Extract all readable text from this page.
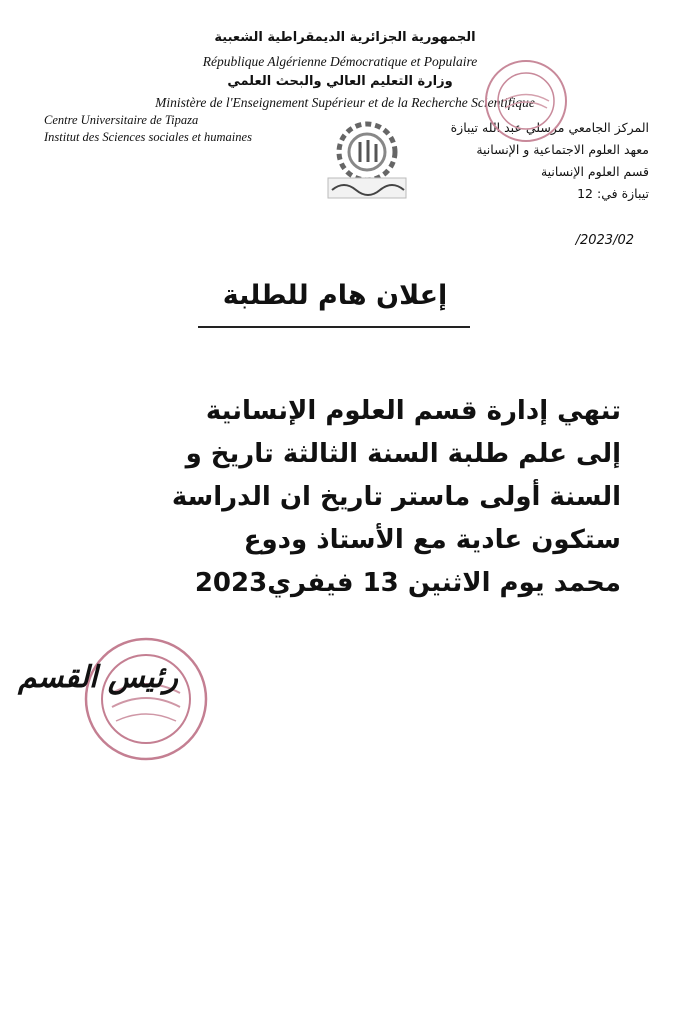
الجمهورية الجزائرية الديمقراطية الشعبية
République Algérienne Démocratique et Populaire
وزارة التعليم العالي والبحث العلمي
Ministère de l'Enseignement Supérieur et de la Recherche Scientifique
Centre Universitaire de Tipaza
Institut des Sciences sociales et humaines
المركز الجامعي مرسلي عبد الله تيبازة
معهد العلوم الاجتماعية و الإنسانية
قسم العلوم الإنسانية
تيبازة في: 12
2023/02/
إعلان هام للطلبة
تنهي إدارة قسم العلوم الإنسانية
إلى علم طلبة السنة الثالثة تاريخ و
السنة أولى ماستر تاريخ ان الدراسة
ستكون عادية مع الأستاذ ودوع
محمد يوم الاثنين 13 فيفري2023
رئيس القسم
